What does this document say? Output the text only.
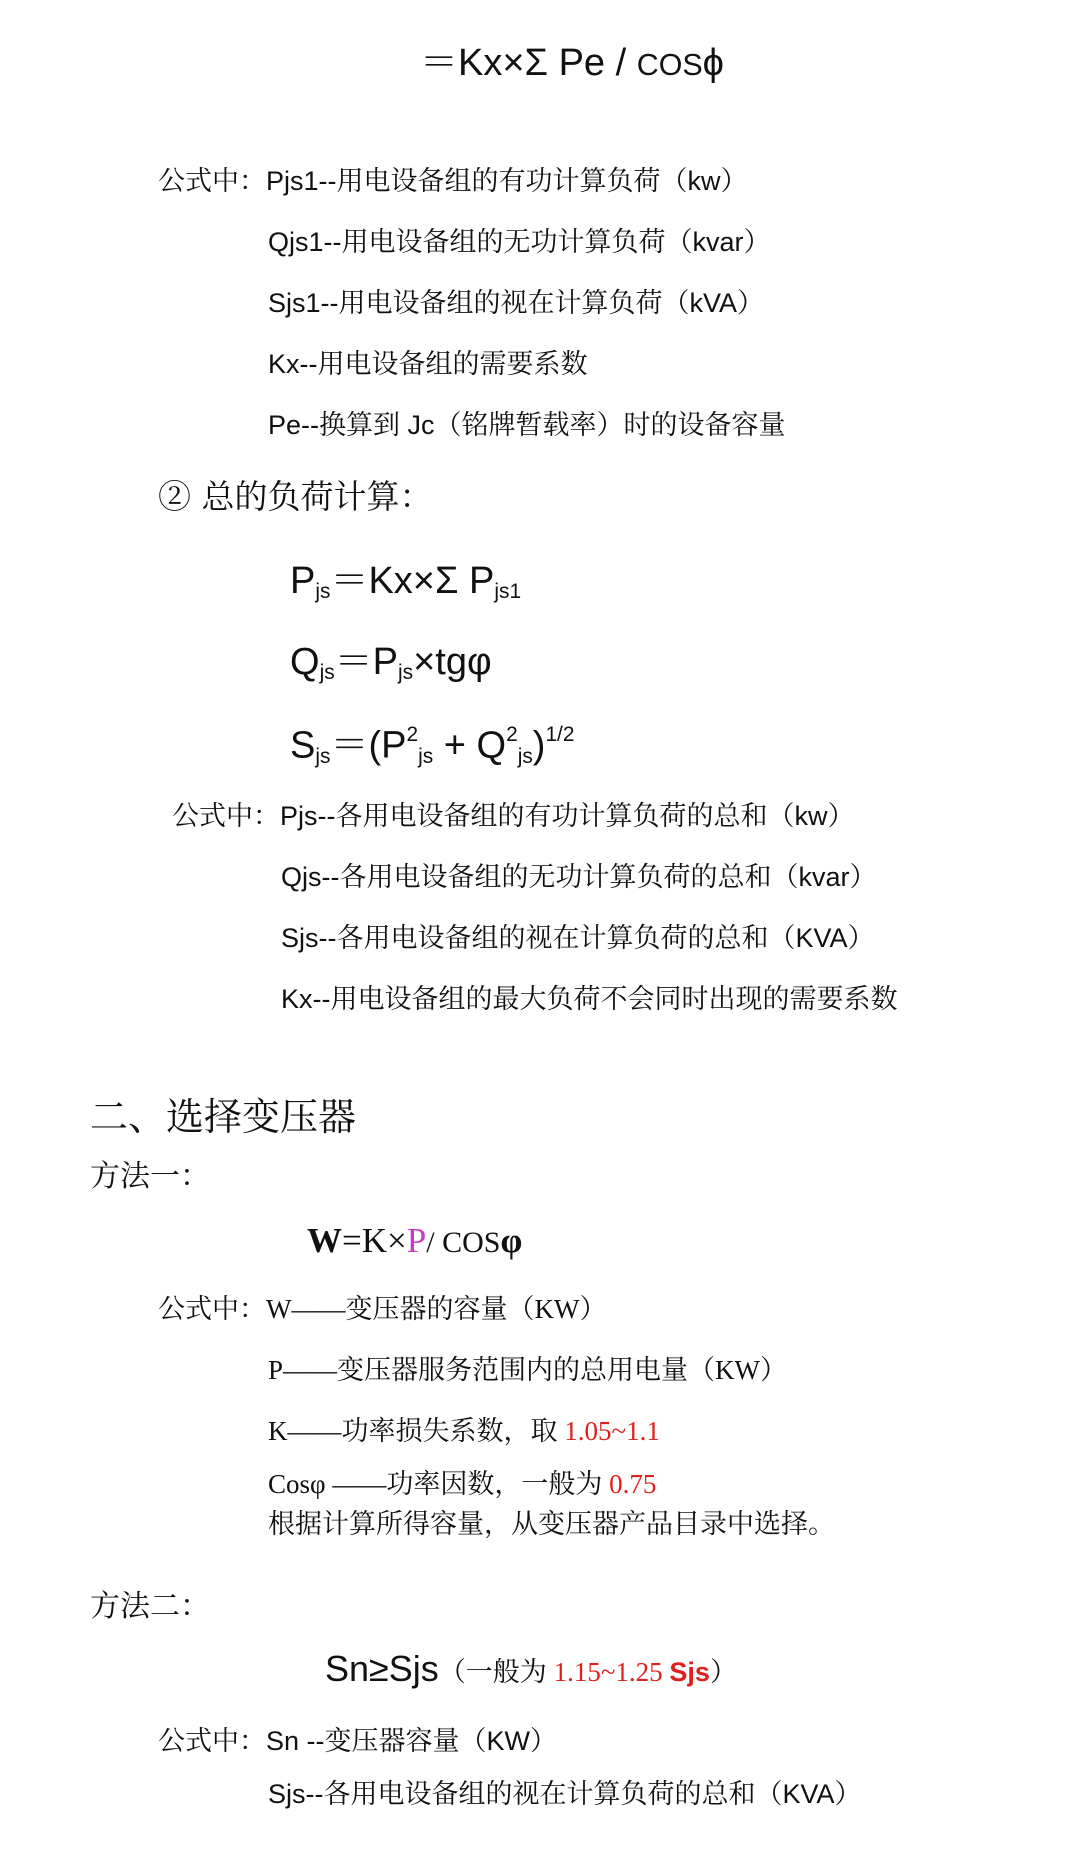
＝Kx×Σ Pe / COSϕ
公式中：Pjs1--用电设备组的有功计算负荷（kw）
Qjs1--用电设备组的无功计算负荷（kvar）
Sjs1--用电设备组的视在计算负荷（kVA）
Kx--用电设备组的需要系数
Pe--换算到 Jc（铭牌暂载率）时的设备容量
② 总的负荷计算：
$P_{js}=Kx\times\Sigma$ $P_{js1}$
$Q_{js}=P_{js}\times tg\varphi$
$S_{js}=(P^2_{js} + Q^2_{js})^{1/2}$
公式中：Pjs--各用电设备组的有功计算负荷的总和（kw）
Qjs--各用电设备组的无功计算负荷的总和（kvar）
Sjs--各用电设备组的视在计算负荷的总和（KVA）
Kx--用电设备组的最大负荷不会同时出现的需要系数
二、选择变压器
方法一：
W=K×P/ COSφ
公式中：W——变压器的容量（KW）
P——变压器服务范围内的总用电量（KW）
K——功率损失系数，取 1.05~1.1
Cosφ ——功率因数，一般为 0.75
根据计算所得容量，从变压器产品目录中选择。
方法二：
Sn≥Sjs（一般为 1.15~1.25 Sjs）
公式中：Sn --变压器容量（KW）
Sjs--各用电设备组的视在计算负荷的总和（KVA）
